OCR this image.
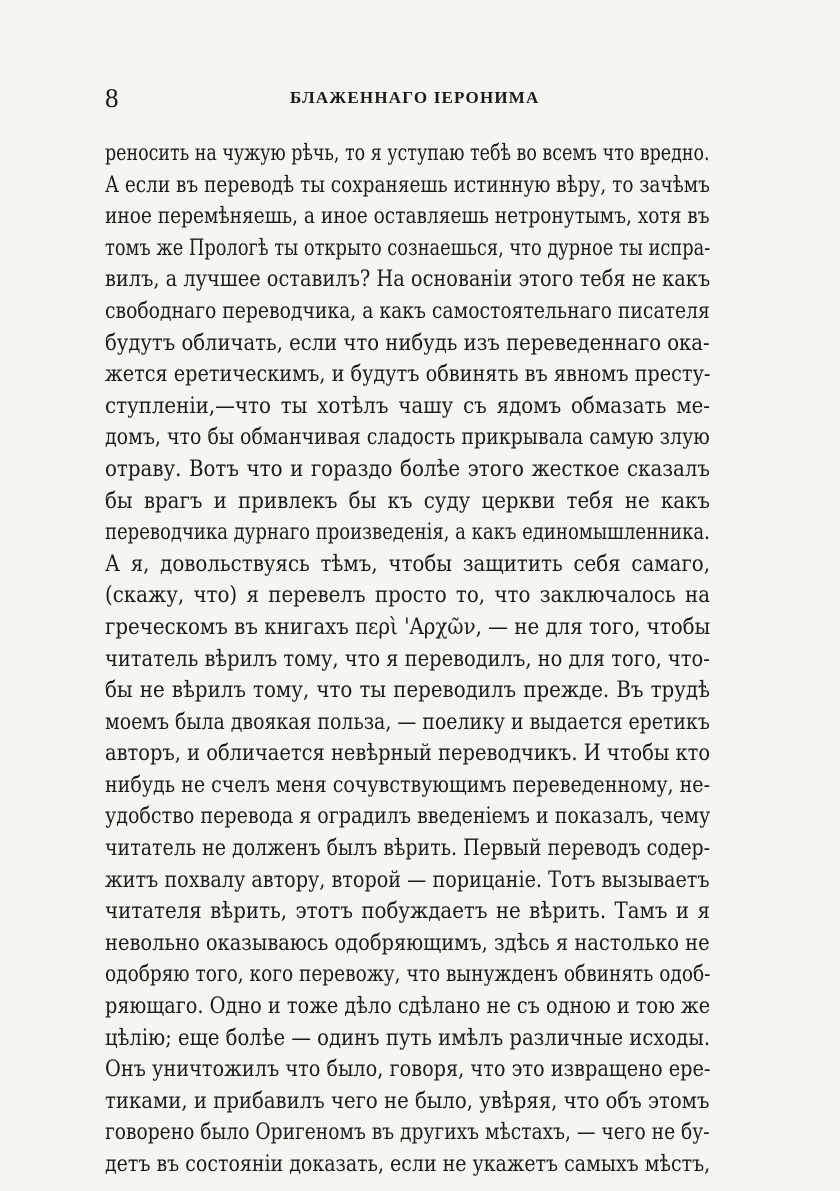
8	БЛАЖЕННАГО ІЕРОНИМА
реносить на чужую рѣчь, то я уступаю тебѣ во всемъ что вредно.
А если въ переводѣ ты сохраняешь истинную вѣру, то зачѣмъ
иное перемѣняешь, а иное оставляешь нетронутымъ, хотя въ
томъ же Прологѣ ты открыто сознаешься, что дурное ты испра-
вилъ, а лучшее оставилъ? На основаніи этого тебя не какъ
свободнаго переводчика, а какъ самостоятельнаго писателя
будутъ обличать, если что нибудь изъ переведеннаго ока-
жется еретическимъ, и будутъ обвинять въ явномъ престу-
ступленіи,—что ты хотѣлъ чашу съ ядомъ обмазать ме-
домъ, что бы обманчивая сладость прикрывала самую злую
отраву. Вотъ что и гораздо болѣе этого жесткое сказалъ
бы врагъ и привлекъ бы къ суду церкви тебя не какъ
переводчика дурнаго произведенія, а какъ единомышленника.
А я, довольствуясь тѣмъ, чтобы защитить себя самаго,
(скажу, что) я перевелъ просто то, что заключалось на
греческомъ въ книгахъ περὶ 'Αρχῶν, — не для того, чтобы
читатель вѣрилъ тому, что я переводилъ, но для того, что-
бы не вѣрилъ тому, что ты переводилъ прежде. Въ трудѣ
моемъ была двоякая польза, — поелику и выдается еретикъ
авторъ, и обличается невѣрный переводчикъ. И чтобы кто
нибудь не счелъ меня сочувствующимъ переведенному, не-
удобство перевода я оградилъ введеніемъ и показалъ, чему
читатель не долженъ былъ вѣрить. Первый переводъ содер-
житъ похвалу автору, второй — порицаніе. Тотъ вызываетъ
читателя вѣрить, этотъ побуждаетъ не вѣрить. Тамъ и я
невольно оказываюсь одобряющимъ, здѣсь я настолько не
одобряю того, кого перевожу, что вынужденъ обвинять одоб-
ряющаго. Одно и тоже дѣло сдѣлано не съ одною и тою же
цѣлію; еще болѣе — одинъ путь имѣлъ различные исходы.
Онъ уничтожилъ что было, говоря, что это извращено ере-
тиками, и прибавилъ чего не было, увѣряя, что объ этомъ
говорено было Оригеномъ въ другихъ мѣстахъ, — чего не бу-
детъ въ состояніи доказать, если не укажетъ самыхъ мѣстъ,
